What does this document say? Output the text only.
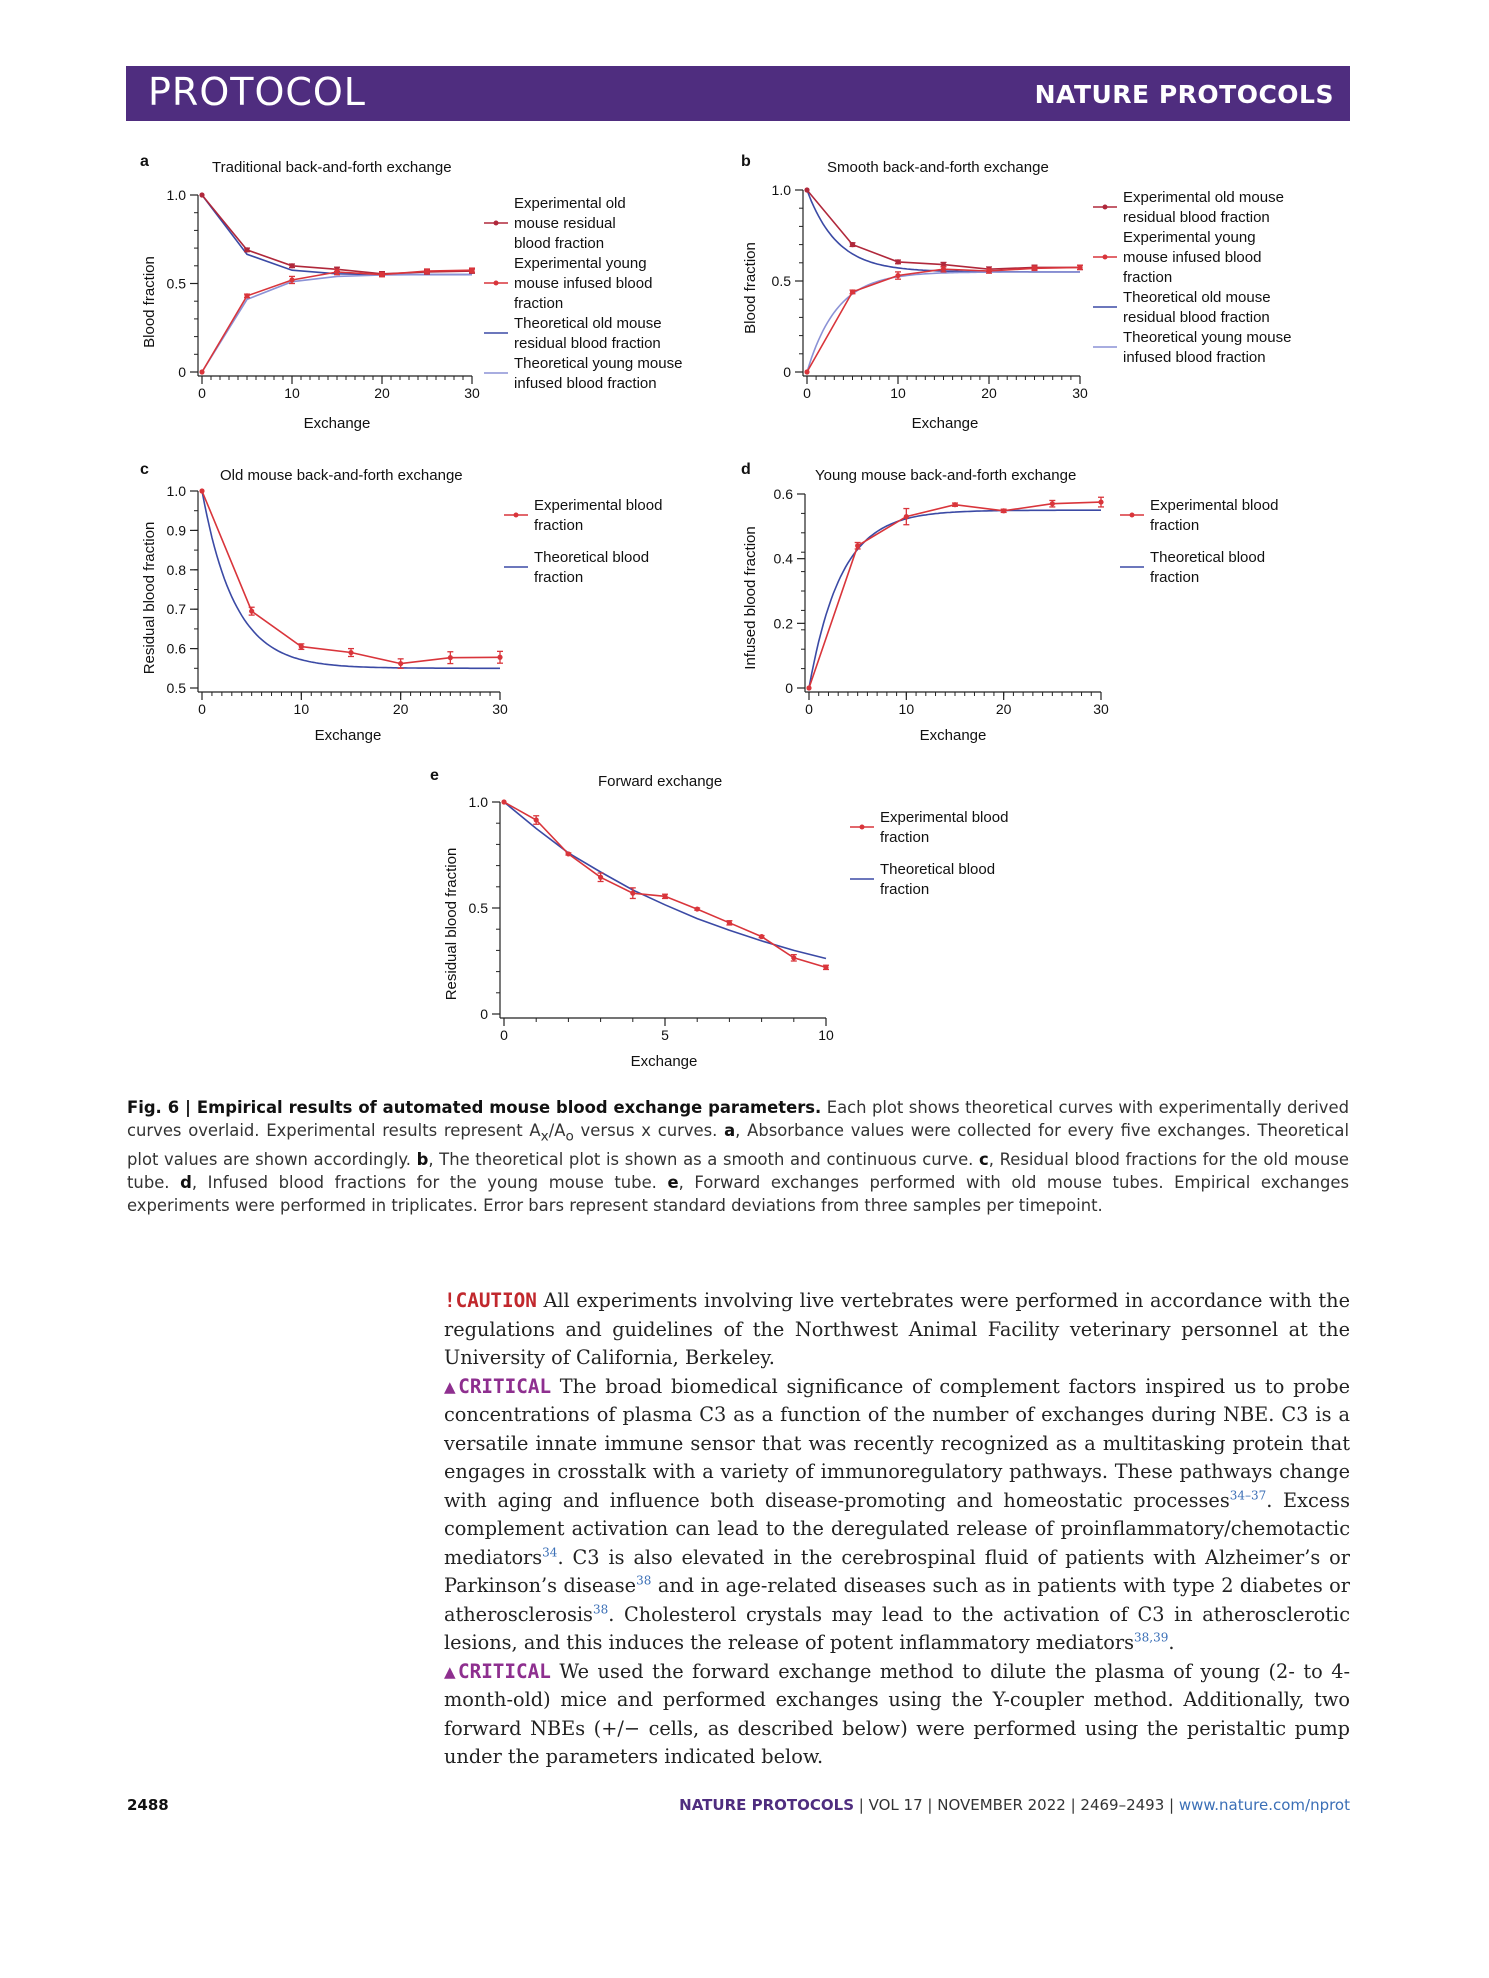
PROTOCOL	NATURE PROTOCOLS
a	Traditional back-and-forth exchange
Blood fraction
Exchange
0	10	20	30
0
0.5
1.0	Experimental old
mouse residual
blood fraction
Experimental young
mouse infused blood
fraction
Theoretical old mouse
residual blood fraction
Theoretical young mouse
infused blood fraction
b	Smooth back-and-forth exchange
Blood fraction
Exchange
0	10	20	30
0
0.5
1.0	Experimental old mouse
residual blood fraction
Experimental young
mouse infused blood
fraction
Theoretical old mouse
residual blood fraction
Theoretical young mouse
infused blood fraction
c	Old mouse back-and-forth exchange
Residual blood fraction
Exchange
0	10	20	30
0.5
0.6
0.7
0.8
0.9
1.0
Experimental blood
fraction
Theoretical blood
fraction
d	Young mouse back-and-forth exchange
Infused blood fraction
Exchange
0	10	20	30
0
0.2
0.4
0.6
Experimental blood
fraction
Theoretical blood
fraction
e	Forward exchange
Residual blood fraction
Exchange
0	5	10
0
0.5
1.0
Experimental blood
fraction
Theoretical blood
fraction
Fig. 6 | Empirical results of automated mouse blood exchange parameters. Each plot shows theoretical curves with experimentally derived curves overlaid. Experimental results represent $A_x/A_o$ versus x curves. a, Absorbance values were collected for every five exchanges. Theoretical plot values are shown accordingly. b, The theoretical plot is shown as a smooth and continuous curve. c, Residual blood fractions for the old mouse tube. d, Infused blood fractions for the young mouse tube. e, Forward exchanges performed with old mouse tubes. Empirical exchanges experiments were performed in triplicates. Error bars represent standard deviations from three samples per timepoint.

!CAUTION All experiments involving live vertebrates were performed in accordance with the regulations and guidelines of the Northwest Animal Facility veterinary personnel at the University of California, Berkeley.

▲CRITICAL The broad biomedical significance of complement factors inspired us to probe concentrations of plasma C3 as a function of the number of exchanges during NBE. C3 is a versatile innate immune sensor that was recently recognized as a multitasking protein that engages in crosstalk with a variety of immunoregulatory pathways. These pathways change with aging and influence both disease-promoting and homeostatic processes$^{34-37}$. Excess complement activation can lead to the deregulated release of proinflammatory/chemotactic mediators$^{34}$. C3 is also elevated in the cerebrospinal fluid of patients with Alzheimer’s or Parkinson’s disease$^{38}$ and in age-related diseases such as in patients with type 2 diabetes or atherosclerosis$^{38}$. Cholesterol crystals may lead to the activation of C3 in atherosclerotic lesions, and this induces the release of potent inflammatory mediators$^{38,39}$.

▲CRITICAL We used the forward exchange method to dilute the plasma of young (2- to 4-month-old) mice and performed exchanges using the Y-coupler method. Additionally, two forward NBEs (+/− cells, as described below) were performed using the peristaltic pump under the parameters indicated below.

2488	NATURE PROTOCOLS | VOL 17 | NOVEMBER 2022 | 2469–2493 | www.nature.com/nprot
